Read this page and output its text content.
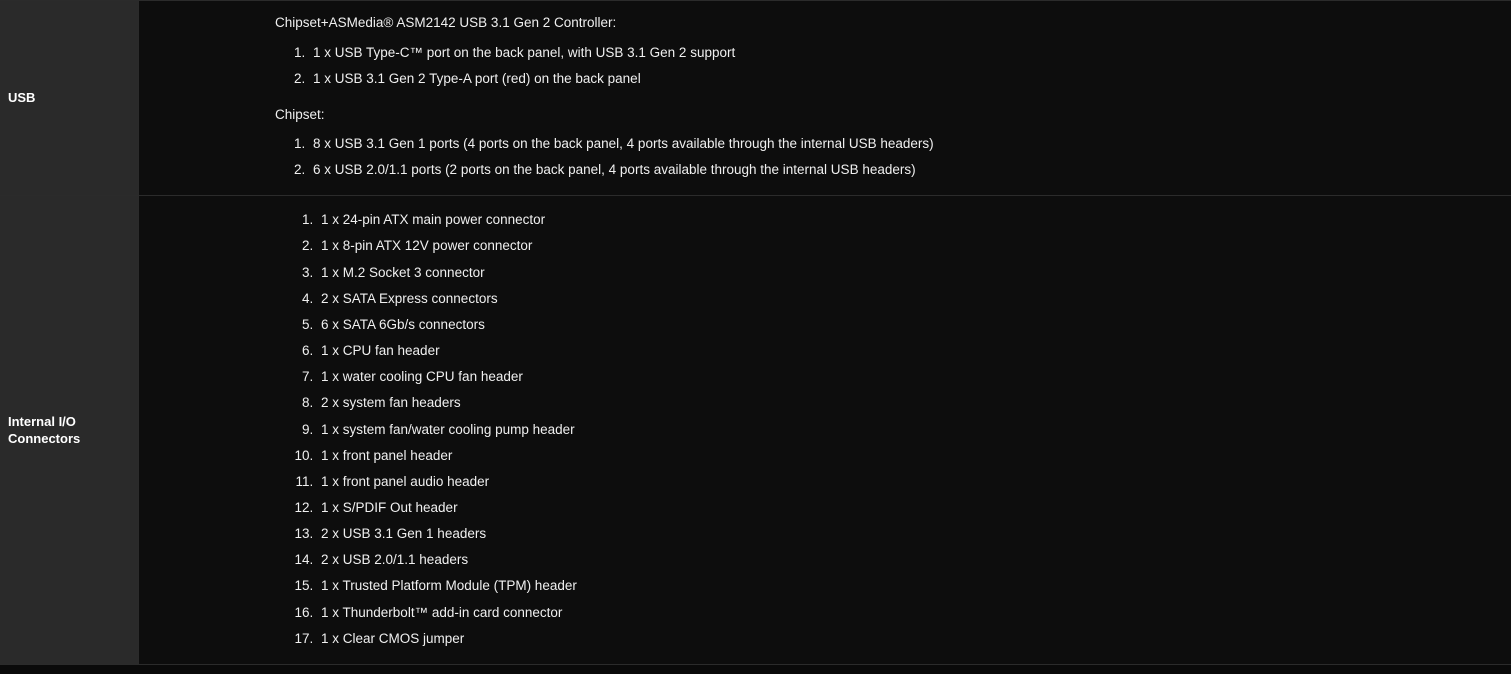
USB	

Chipset+ASMedia® ASM2142 USB 3.1 Gen 2 Controller:

1. 1 x USB Type-C™ port on the back panel, with USB 3.1 Gen 2 support
2. 1 x USB 3.1 Gen 2 Type-A port (red) on the back panel

Chipset:

1. 8 x USB 3.1 Gen 1 ports (4 ports on the back panel, 4 ports available through the internal USB headers)
2. 6 x USB 2.0/1.1 ports (2 ports on the back panel, 4 ports available through the internal USB headers)

Internal I/O Connectors	
1. 1 x 24-pin ATX main power connector
2. 1 x 8-pin ATX 12V power connector
3. 1 x M.2 Socket 3 connector
4. 2 x SATA Express connectors
5. 6 x SATA 6Gb/s connectors
6. 1 x CPU fan header
7. 1 x water cooling CPU fan header
8. 2 x system fan headers
9. 1 x system fan/water cooling pump header
10. 1 x front panel header
11. 1 x front panel audio header
12. 1 x S/PDIF Out header
13. 2 x USB 3.1 Gen 1 headers
14. 2 x USB 2.0/1.1 headers
15. 1 x Trusted Platform Module (TPM) header
16. 1 x Thunderbolt™ add-in card connector
17. 1 x Clear CMOS jumper
